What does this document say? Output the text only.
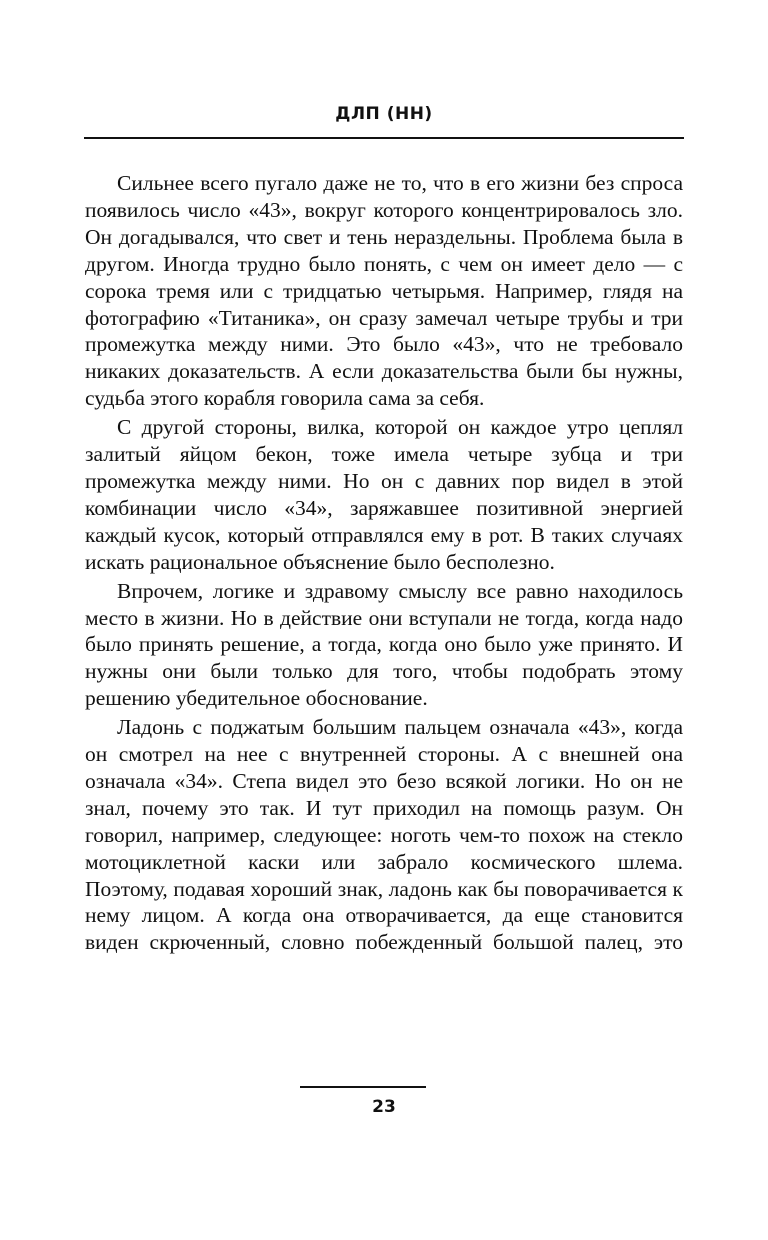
ДЛП (НН)

Сильнее всего пугало даже не то, что в его жизни без спроса появилось число «43», вокруг которого концентрировалось зло. Он догадывался, что свет и тень нераздельны. Проблема была в другом. Иногда трудно было понять, с чем он имеет дело — с сорока тремя или с тридцатью четырьмя. Например, глядя на фотографию «Титаника», он сразу замечал четыре трубы и три промежутка между ними. Это было «43», что не требовало никаких доказательств. А если доказательства были бы нужны, судьба этого корабля говорила сама за себя.

С другой стороны, вилка, которой он каждое утро цеплял залитый яйцом бекон, тоже имела четыре зубца и три промежутка между ними. Но он с давних пор видел в этой комбинации число «34», заряжавшее позитивной энергией каждый кусок, который отправлялся ему в рот. В таких случаях искать рациональное объяснение было бесполезно.

Впрочем, логике и здравому смыслу все равно находилось место в жизни. Но в действие они вступали не тогда, когда надо было принять решение, а тогда, когда оно было уже принято. И нужны они были только для того, чтобы подобрать этому решению убедительное обоснование.

Ладонь с поджатым большим пальцем означала «43», когда он смотрел на нее с внутренней стороны. А с внешней она означала «34». Степа видел это безо всякой логики. Но он не знал, почему это так. И тут приходил на помощь разум. Он говорил, например, следующее: ноготь чем-то похож на стекло мотоциклетной каски или забрало космического шлема. Поэтому, подавая хороший знак, ладонь как бы поворачивается к нему лицом. А когда она отворачивается, да еще становится виден скрюченный, словно побежденный большой палец, это

23
